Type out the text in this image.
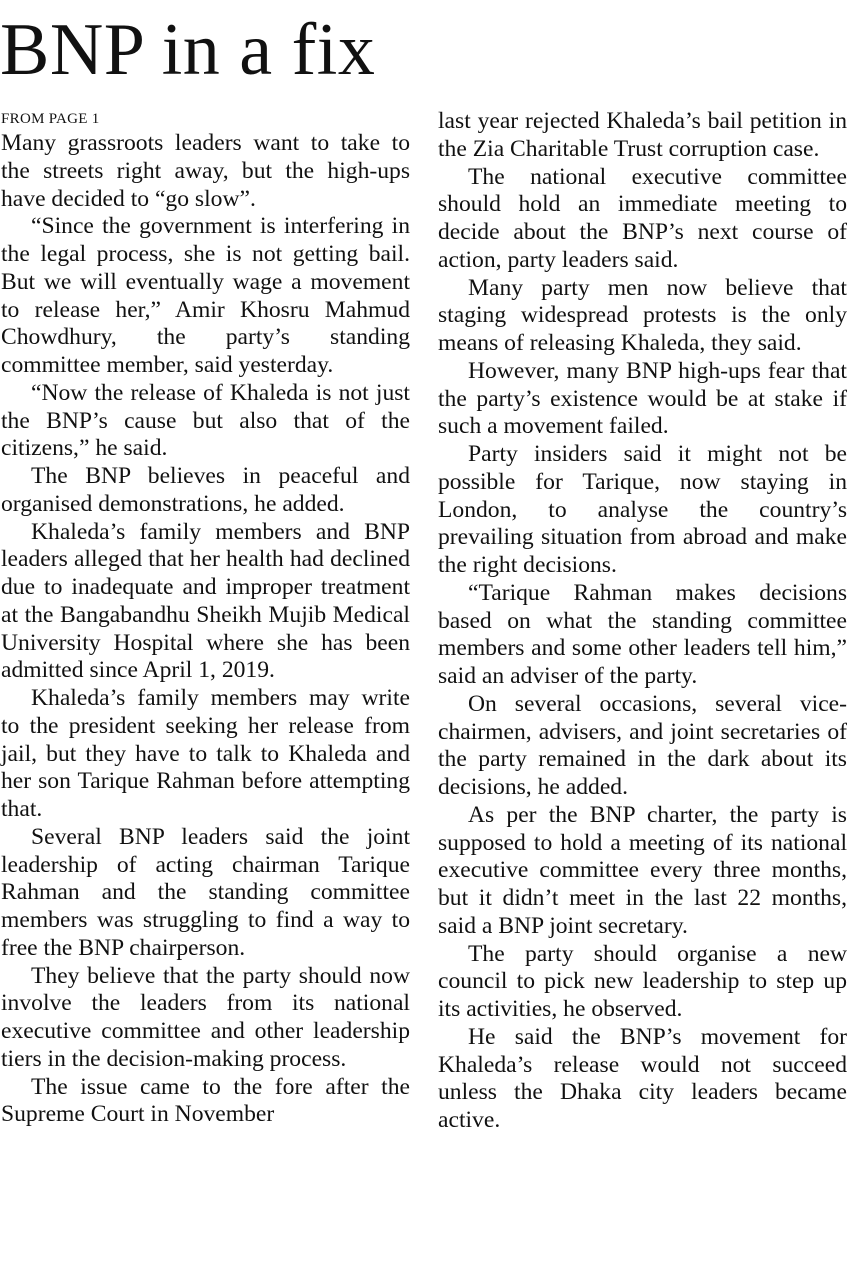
BNP in a fix

FROM PAGE 1

Many grassroots leaders want to take to the streets right away, but the high-ups have decided to “go slow”.

“Since the government is interfering in the legal process, she is not getting bail. But we will eventually wage a movement to release her,” Amir Khosru Mahmud Chowdhury, the party’s standing committee member, said yesterday.

“Now the release of Khaleda is not just the BNP’s cause but also that of the citizens,” he said.

The BNP believes in peaceful and organised demonstrations, he added.

Khaleda’s family members and BNP leaders alleged that her health had declined due to inadequate and improper treatment at the Bangabandhu Sheikh Mujib Medical University Hospital where she has been admitted since April 1, 2019.

Khaleda’s family members may write to the president seeking her release from jail, but they have to talk to Khaleda and her son Tarique Rahman before attempting that.

Several BNP leaders said the joint leadership of acting chairman Tarique Rahman and the standing committee members was struggling to find a way to free the BNP chairperson.

They believe that the party should now involve the leaders from its national executive committee and other leadership tiers in the decision-making process.

The issue came to the fore after the Supreme Court in November

last year rejected Khaleda’s bail petition in the Zia Charitable Trust corruption case.

The national executive committee should hold an immediate meeting to decide about the BNP’s next course of action, party leaders said.

Many party men now believe that staging widespread protests is the only means of releasing Khaleda, they said.

However, many BNP high-ups fear that the party’s existence would be at stake if such a movement failed.

Party insiders said it might not be possible for Tarique, now staying in London, to analyse the country’s prevailing situation from abroad and make the right decisions.

“Tarique Rahman makes decisions based on what the standing committee members and some other leaders tell him,” said an adviser of the party.

On several occasions, several vice-chairmen, advisers, and joint secretaries of the party remained in the dark about its decisions, he added.

As per the BNP charter, the party is supposed to hold a meeting of its national executive committee every three months, but it didn’t meet in the last 22 months, said a BNP joint secretary.

The party should organise a new council to pick new leadership to step up its activities, he observed.

He said the BNP’s movement for Khaleda’s release would not succeed unless the Dhaka city leaders became active.
